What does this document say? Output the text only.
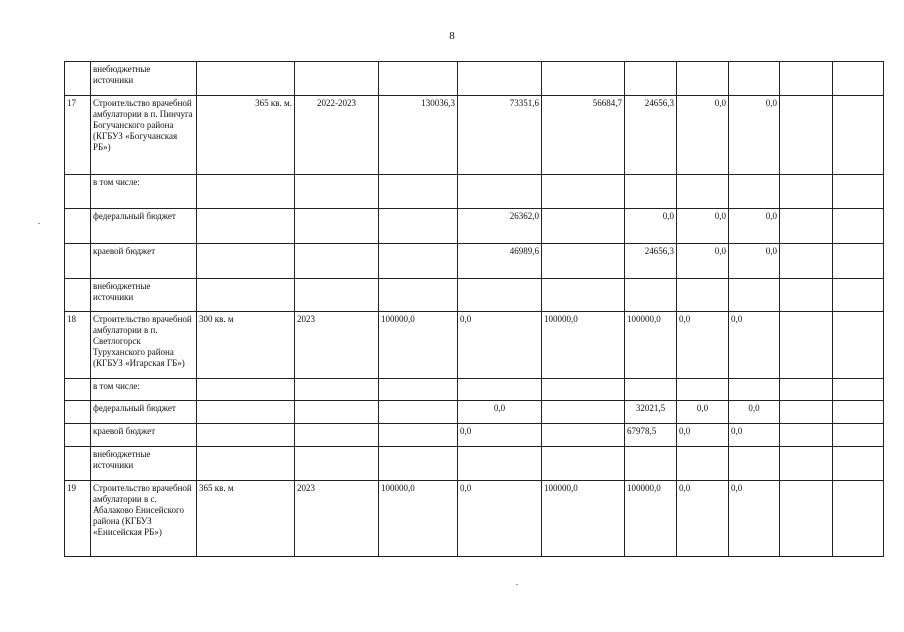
8
	внебюджетные
источники										
17	Строительство врачебной амбулатории в п. Пинчуга Богучанского района (КГБУЗ «Богучанская РБ»)	365 кв. м.	2022-2023	130036,3	73351,6	56684,7	24656,3	0,0	0,0		
	в том числе:										
	федеральный бюджет				26362,0		0,0	0,0	0,0		
	краевой бюджет				46989,6		24656,3	0,0	0,0		
	внебюджетные
источники										
18	Строительство врачебной амбулатории в п. Светлогорск Туруханского района (КГБУЗ «Игарская ГБ»)	300 кв. м	2023	100000,0	0,0	100000,0	100000,0	0,0	0,0		
	в том числе:										
	федеральный бюджет				0,0		32021,5	0,0	0,0		
	краевой бюджет				0,0		67978,5	0,0	0,0		
	внебюджетные
источники										
19	Строительство врачебной амбулатории в с. Абалаково Енисейского района (КГБУЗ «Енисейская РБ»)	365 кв. м	2023	100000,0	0,0	100000,0	100000,0	0,0	0,0		
